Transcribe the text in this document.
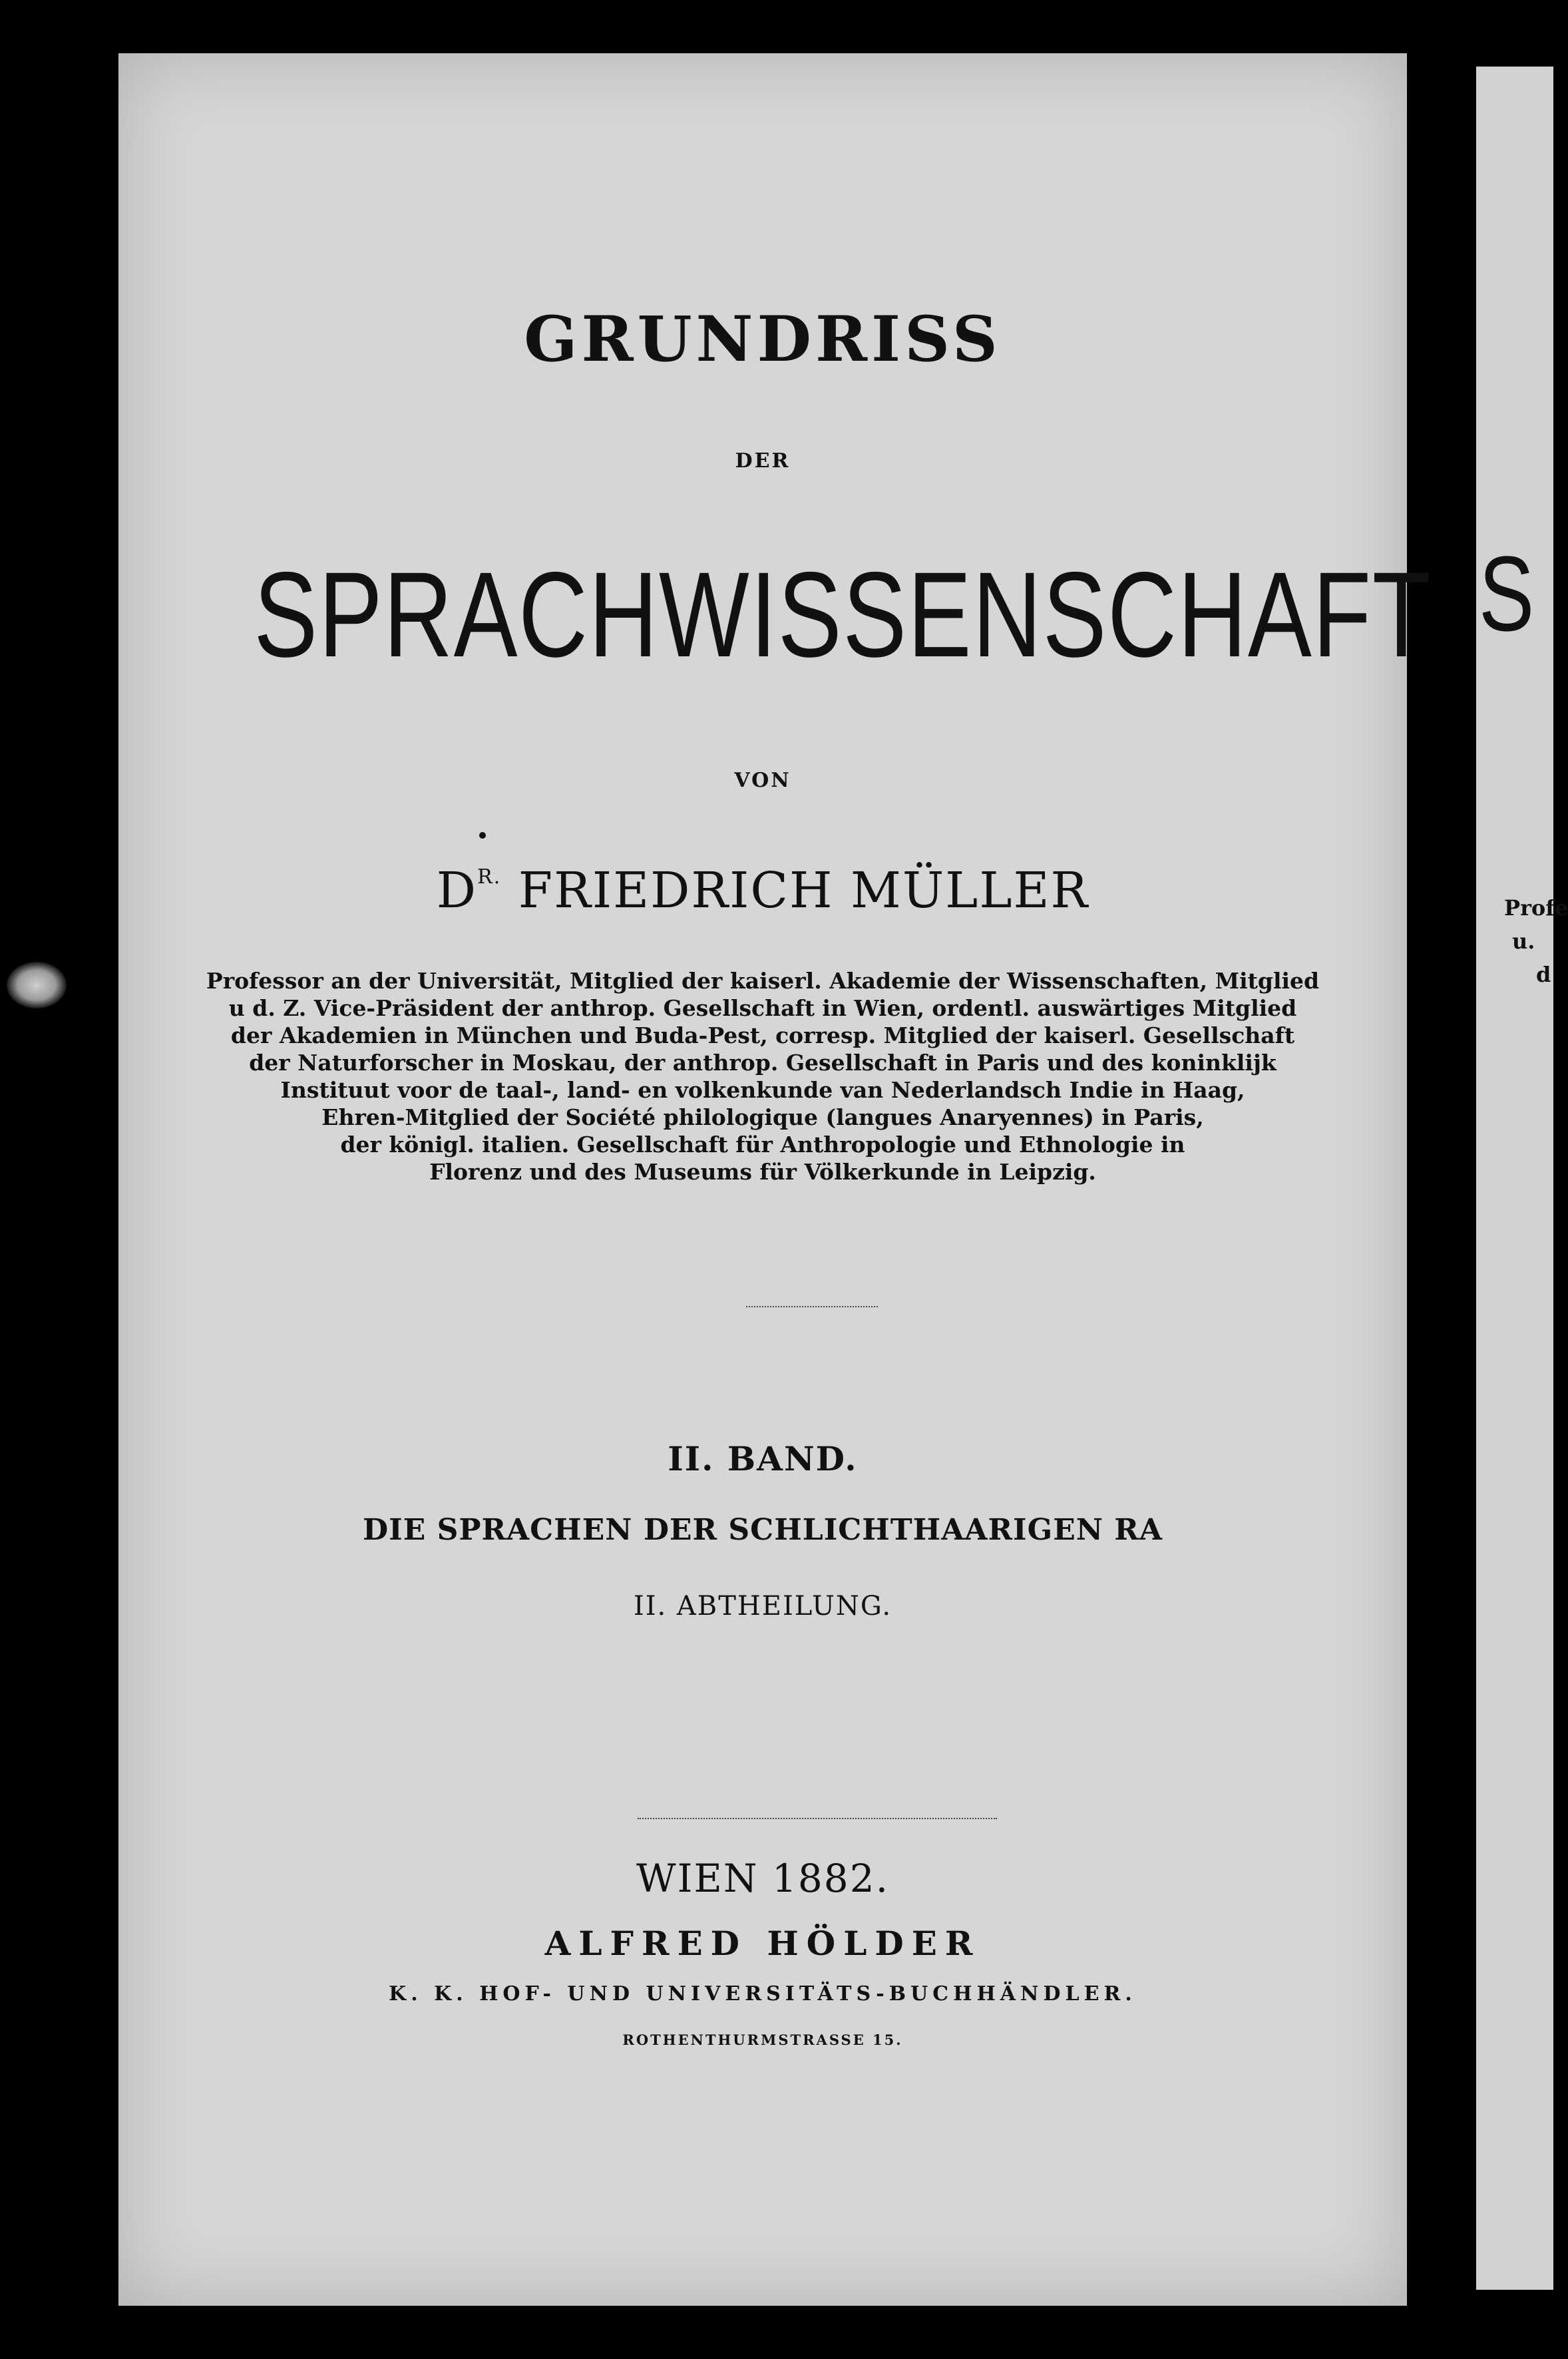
GRUNDRISS
DER
SPRACHWISSENSCHAFT
VON
$D^{R.}$ FRIEDRICH MÜLLER
Professor an der Universität, Mitglied der kaiserl. Akademie der Wissenschaften, Mitglied
u d. Z. Vice-Präsident der anthrop. Gesellschaft in Wien, ordentl. auswärtiges Mitglied
der Akademien in München und Buda-Pest, corresp. Mitglied der kaiserl. Gesellschaft
der Naturforscher in Moskau, der anthrop. Gesellschaft in Paris und des koninklijk
Instituut voor de taal-, land- en volkenkunde van Nederlandsch Indie in Haag,
Ehren-Mitglied der Société philologique (langues Anaryennes) in Paris,
der königl. italien. Gesellschaft für Anthropologie und Ethnologie in
Florenz und des Museums für Völkerkunde in Leipzig.
II. BAND.
DIE SPRACHEN DER SCHLICHTHAARIGEN RA
II. ABTHEILUNG.
WIEN 1882.
ALFRED HÖLDER
K. K. HOF- UND UNIVERSITÄTS-BUCHHÄNDLER.
ROTHENTHURMSTRASSE 15.
S
Profe
u.
d
